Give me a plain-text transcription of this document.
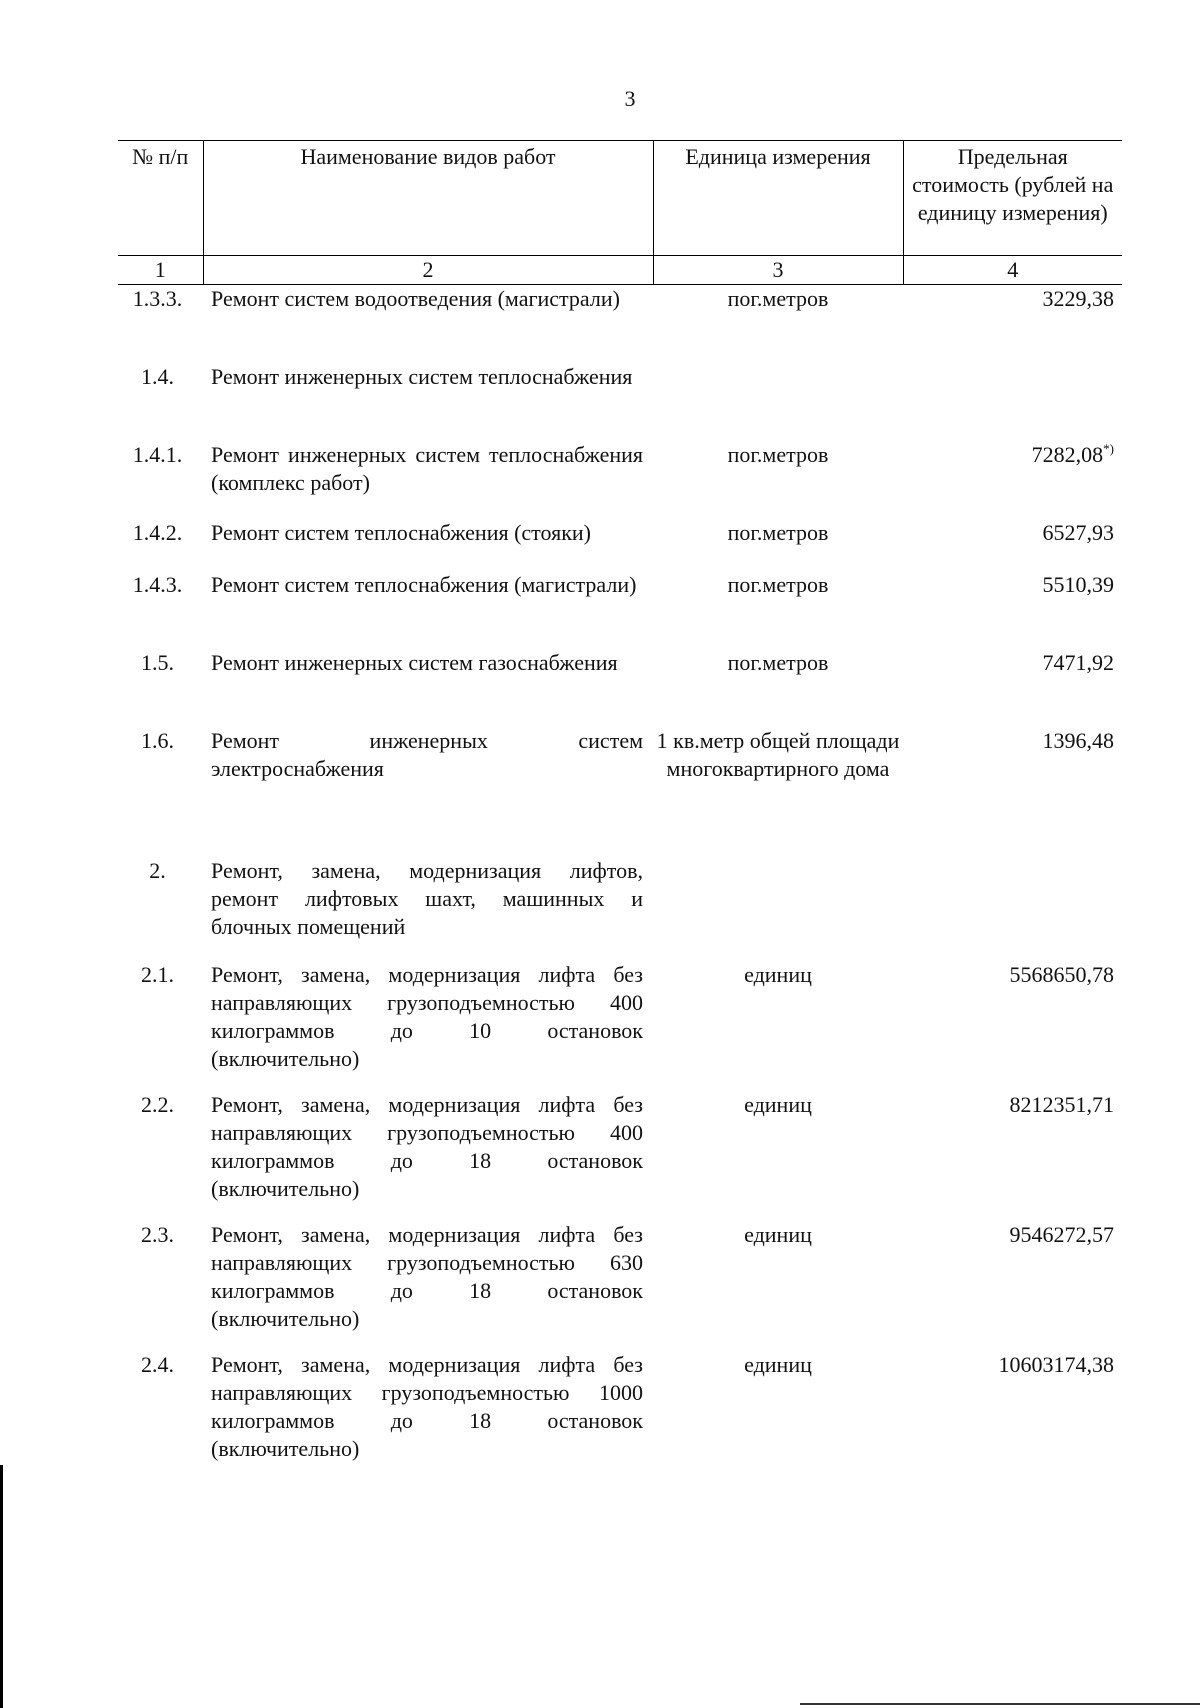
3
№ п/п	Наименование видов работ	Единица измерения	Предельная стоимость (рублей на единицу измерения)
1	2	3	4
1.3.3.	Ремонт систем водоотведения (магистрали)	пог.метров	3229,38
1.4.	Ремонт инженерных систем теплоснабжения		
1.4.1.	Ремонт инженерных систем теплоснабжения (комплекс работ)	пог.метров	7282,08*)
1.4.2.	Ремонт систем теплоснабжения (стояки)	пог.метров	6527,93
1.4.3.	Ремонт систем теплоснабжения (магистрали)	пог.метров	5510,39
1.5.	Ремонт инженерных систем газоснабжения	пог.метров	7471,92
1.6.	Ремонт инженерных систем электроснабжения	1 кв.метр общей площади многоквартирного дома	1396,48
2.	Ремонт, замена, модернизация лифтов, ремонт лифтовых шахт, машинных и блочных помещений		
2.1.	Ремонт, замена, модернизация лифта без направляющих грузоподъемностью 400 килограммов до 10 остановок (включительно)	единиц	5568650,78
2.2.	Ремонт, замена, модернизация лифта без направляющих грузоподъемностью 400 килограммов до 18 остановок (включительно)	единиц	8212351,71
2.3.	Ремонт, замена, модернизация лифта без направляющих грузоподъемностью 630 килограммов до 18 остановок (включительно)	единиц	9546272,57
2.4.	Ремонт, замена, модернизация лифта без направляющих грузоподъемностью 1000 килограммов до 18 остановок (включительно)	единиц	10603174,38
